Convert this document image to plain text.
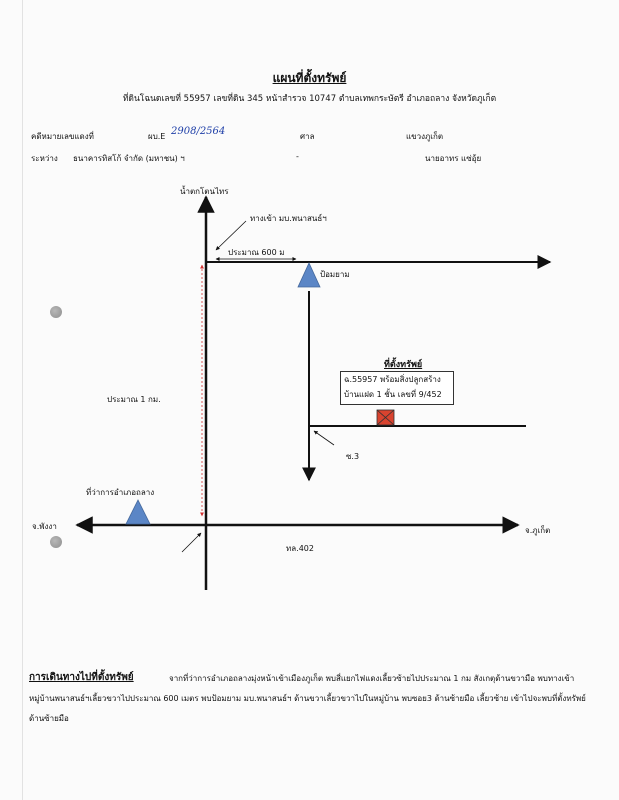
แผนที่ตั้งทรัพย์
ที่ดินโฉนดเลขที่ 55957 เลขที่ดิน 345 หน้าสำรวจ 10747 ตำบลเทพกระษัตรี อำเภอถลาง จังหวัดภูเก็ต
คดีหมายเลขแดงที่	ผบ.E 2908/2564	ศาล	แขวงภูเก็ต
ระหว่าง ธนาคารทิสโก้ จำกัด (มหาชน) ฯ	-	นายอาทร แซ่อุ้ย
น้ำตกโตนไทร
ทางเข้า มบ.พนาสนธ์ฯ
ประมาณ 600 ม
ป้อมยาม
ประมาณ 1 กม.
ที่ว่าการอำเภอถลาง
จ.พังงา	จ.ภูเก็ต
ทล.402
ซ.3
ที่ตั้งทรัพย์
ฉ.55957 พร้อมสิ่งปลูกสร้าง
บ้านแฝด 1 ชั้น เลขที่ 9/452
การเดินทางไปที่ตั้งทรัพย์	จากที่ว่าการอำเภอถลางมุ่งหน้าเข้าเมืองภูเก็ต พบสี่แยกไฟแดงเลี้ยวซ้ายไปประมาณ 1 กม สังเกตุด้านขวามือ พบทางเข้า หมู่บ้านพนาสนธ์ฯเลี้ยวขวาไปประมาณ 600 เมตร พบป้อมยาม มบ.พนาสนธ์ฯ ด้านขวาเลี้ยวขวาไปในหมู่บ้าน พบซอย3 ด้านซ้ายมือ เลี้ยวซ้าย เข้าไปจะพบที่ตั้งทรัพย์ด้านซ้ายมือ
